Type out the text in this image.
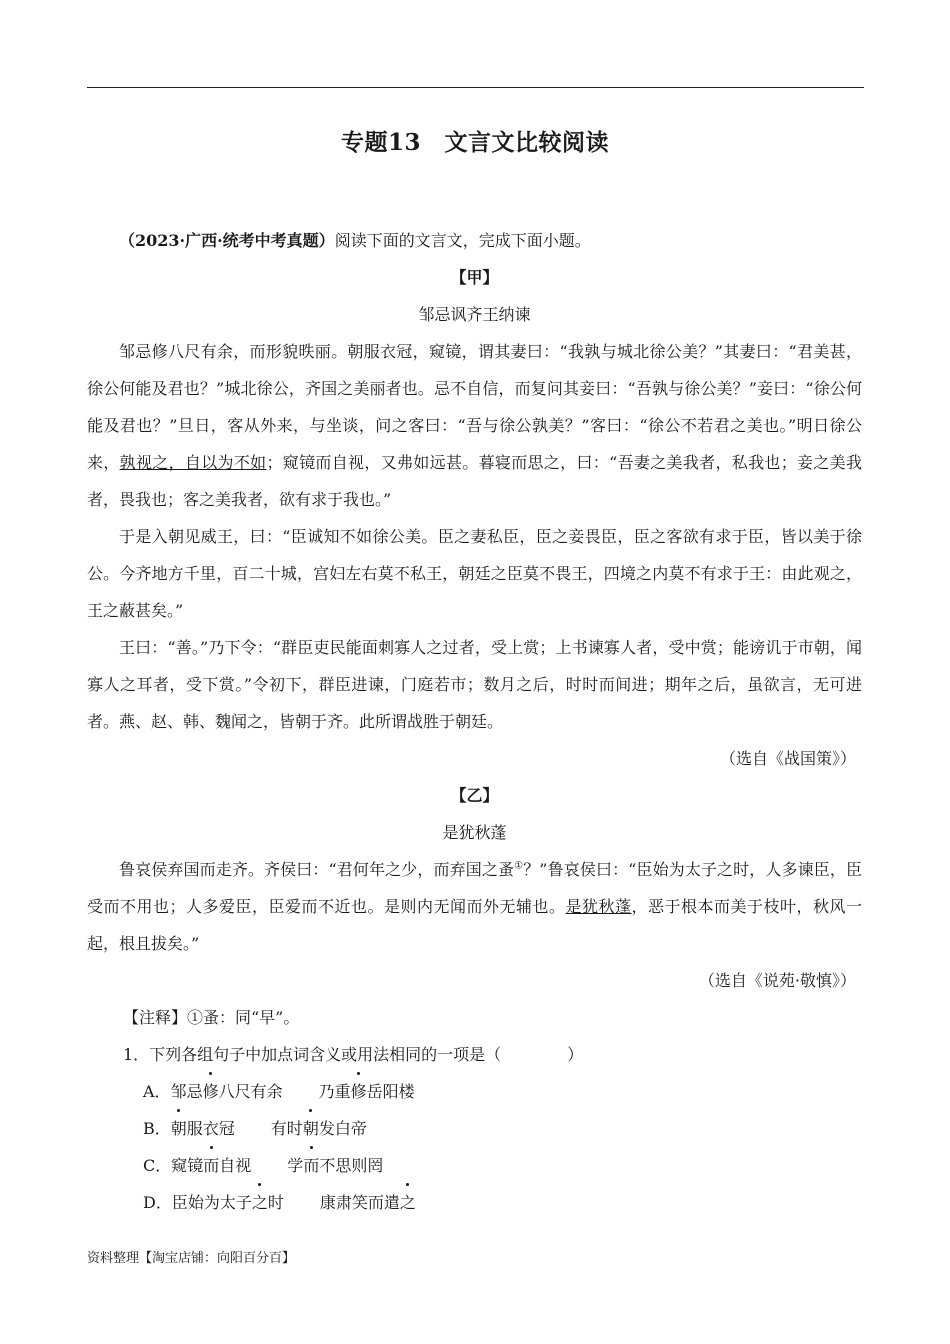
专题13　文言文比较阅读

（2023·广西·统考中考真题）阅读下面的文言文，完成下面小题。

【甲】

邹忌讽齐王纳谏

邹忌修八尺有余，而形貌昳丽。朝服衣冠，窥镜，谓其妻曰：“我孰与城北徐公美？”其妻曰：“君美甚，徐公何能及君也？”城北徐公，齐国之美丽者也。忌不自信，而复问其妾曰：“吾孰与徐公美？”妾曰：“徐公何能及君也？”旦日，客从外来，与坐谈，问之客曰：“吾与徐公孰美？”客曰：“徐公不若君之美也。”明日徐公来，孰视之，自以为不如；窥镜而自视，又弗如远甚。暮寝而思之，曰：“吾妻之美我者，私我也；妾之美我者，畏我也；客之美我者，欲有求于我也。”

于是入朝见威王，曰：“臣诚知不如徐公美。臣之妻私臣，臣之妾畏臣，臣之客欲有求于臣，皆以美于徐公。今齐地方千里，百二十城，宫妇左右莫不私王，朝廷之臣莫不畏王，四境之内莫不有求于王：由此观之，王之蔽甚矣。”

王曰：“善。”乃下令：“群臣吏民能面刺寡人之过者，受上赏；上书谏寡人者，受中赏；能谤讥于市朝，闻寡人之耳者，受下赏。”令初下，群臣进谏，门庭若市；数月之后，时时而间进；期年之后，虽欲言，无可进者。燕、赵、韩、魏闻之，皆朝于齐。此所谓战胜于朝廷。

（选自《战国策》）

【乙】

是犹秋蓬

鲁哀侯弃国而走齐。齐侯曰：“君何年之少，而弃国之蚤①？”鲁哀侯曰：“臣始为太子之时，人多谏臣，臣受而不用也；人多爱臣，臣爱而不近也。是则内无闻而外无辅也。是犹秋蓬，恶于根本而美于枝叶，秋风一起，根且拔矣。”

（选自《说苑·敬慎》）

【注释】①蚤：同“早”。

1．下列各组句子中加点词含义或用法相同的一项是（	）

A．邹忌修八尺有余 乃重修岳阳楼

B．朝服衣冠 有时朝发白帝

C．窥镜而自视 学而不思则罔

D．臣始为太子之时 康肃笑而遣之

资料整理【淘宝店铺：向阳百分百】
